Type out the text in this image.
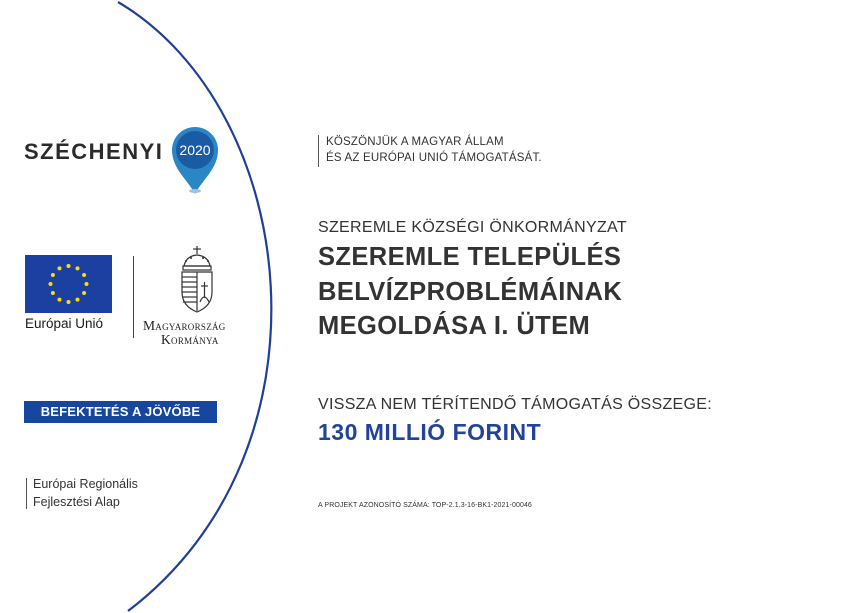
SZÉCHENYI 2020
Európai Unió	Magyarország
Kormánya
BEFEKTETÉS A JÖVŐBE
Európai Regionális
Fejlesztési Alap
KÖSZÖNJÜK A MAGYAR ÁLLAM
ÉS AZ EURÓPAI UNIÓ TÁMOGATÁSÁT.
SZEREMLE KÖZSÉGI ÖNKORMÁNYZAT
SZEREMLE TELEPÜLÉS
BELVÍZPROBLÉMÁINAK
MEGOLDÁSA I. ÜTEM
VISSZA NEM TÉRÍTENDŐ TÁMOGATÁS ÖSSZEGE:
130 MILLIÓ FORINT
A PROJEKT AZONOSÍTÓ SZÁMA: TOP-2.1.3-16-BK1-2021-00046
